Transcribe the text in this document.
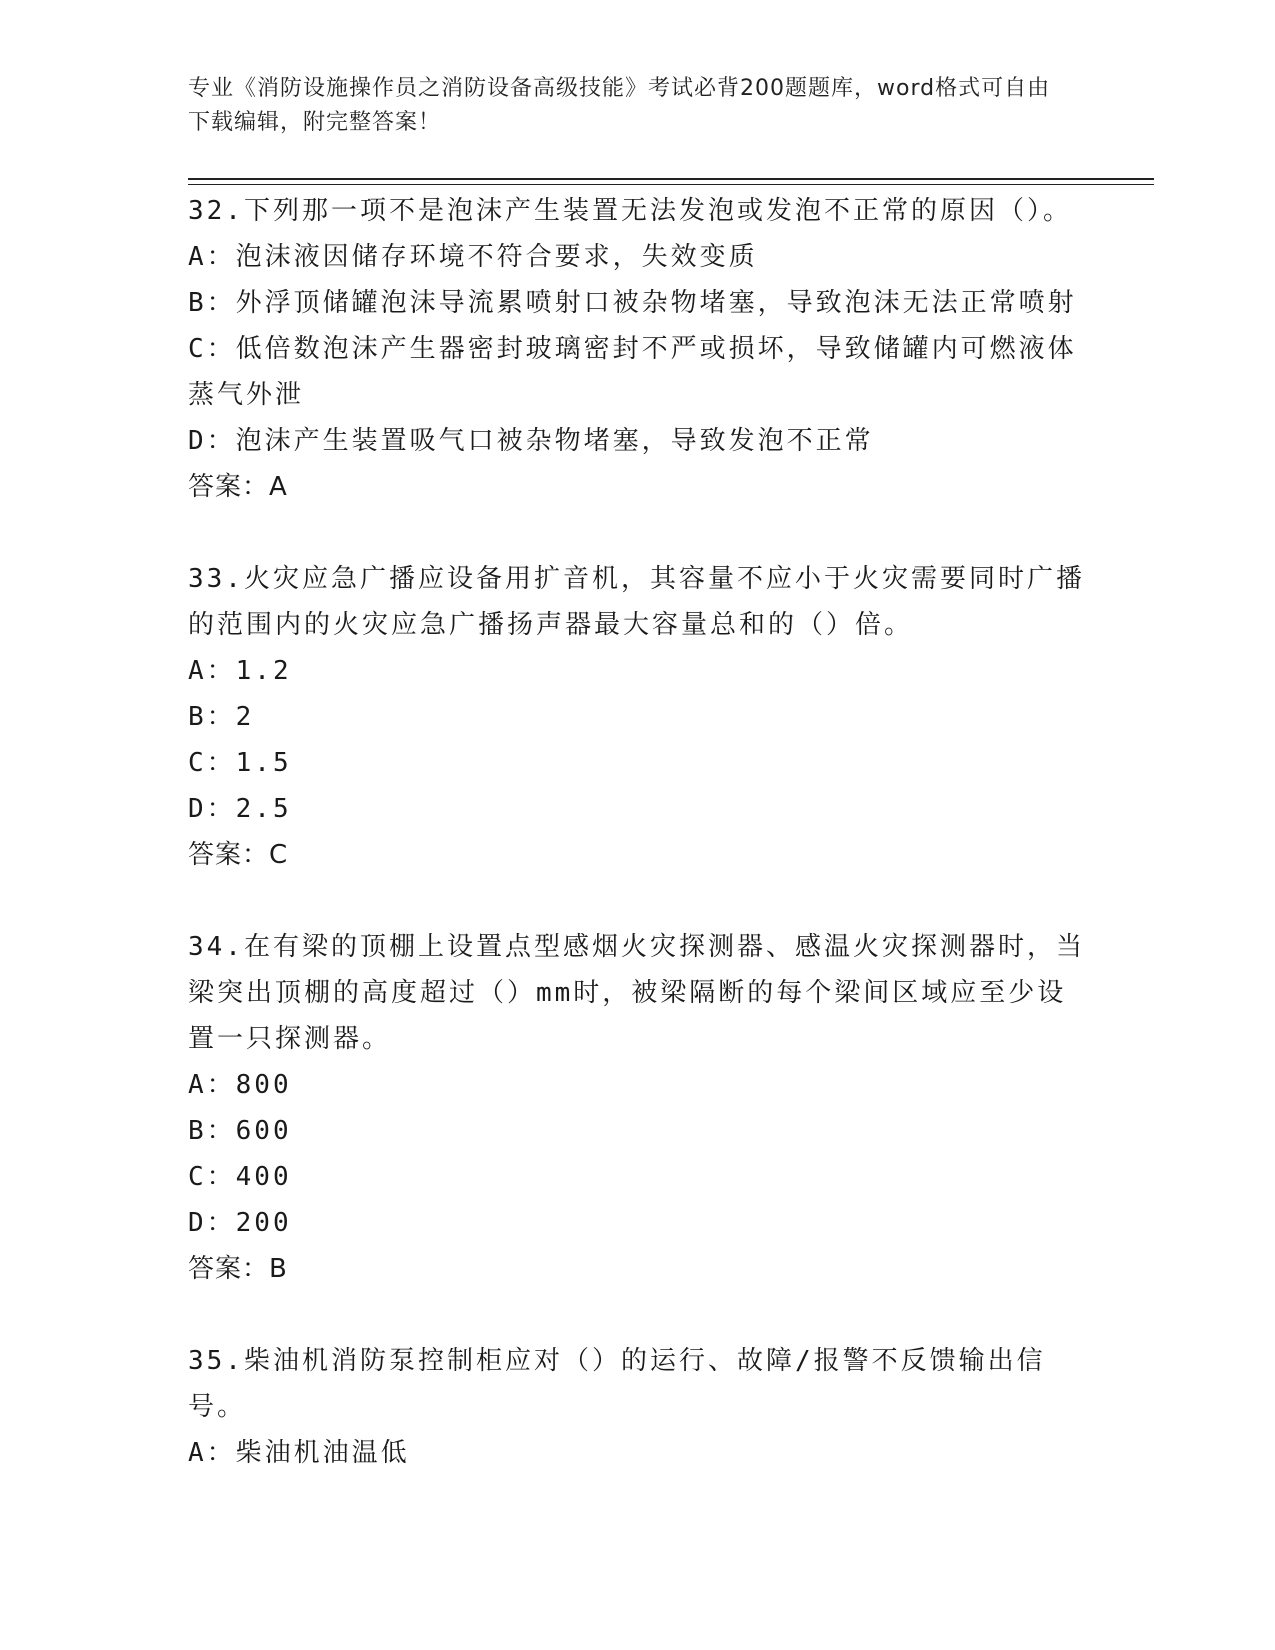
专业《消防设施操作员之消防设备高级技能》考试必背200题题库，word格式可自由下载编辑，附完整答案！

32.下列那一项不是泡沫产生装置无法发泡或发泡不正常的原因（）。

A：泡沫液因储存环境不符合要求，失效变质

B：外浮顶储罐泡沫导流累喷射口被杂物堵塞，导致泡沫无法正常喷射

C：低倍数泡沫产生器密封玻璃密封不严或损坏，导致储罐内可燃液体蒸气外泄

D：泡沫产生装置吸气口被杂物堵塞，导致发泡不正常

答案：A

33.火灾应急广播应设备用扩音机，其容量不应小于火灾需要同时广播的范围内的火灾应急广播扬声器最大容量总和的（）倍。

A：1.2

B：2

C：1.5

D：2.5

答案：C

34.在有梁的顶棚上设置点型感烟火灾探测器、感温火灾探测器时，当梁突出顶棚的高度超过（）mm时，被梁隔断的每个梁间区域应至少设置一只探测器。

A：800

B：600

C：400

D：200

答案：B

35.柴油机消防泵控制柜应对（）的运行、故障/报警不反馈输出信号。

A：柴油机油温低
